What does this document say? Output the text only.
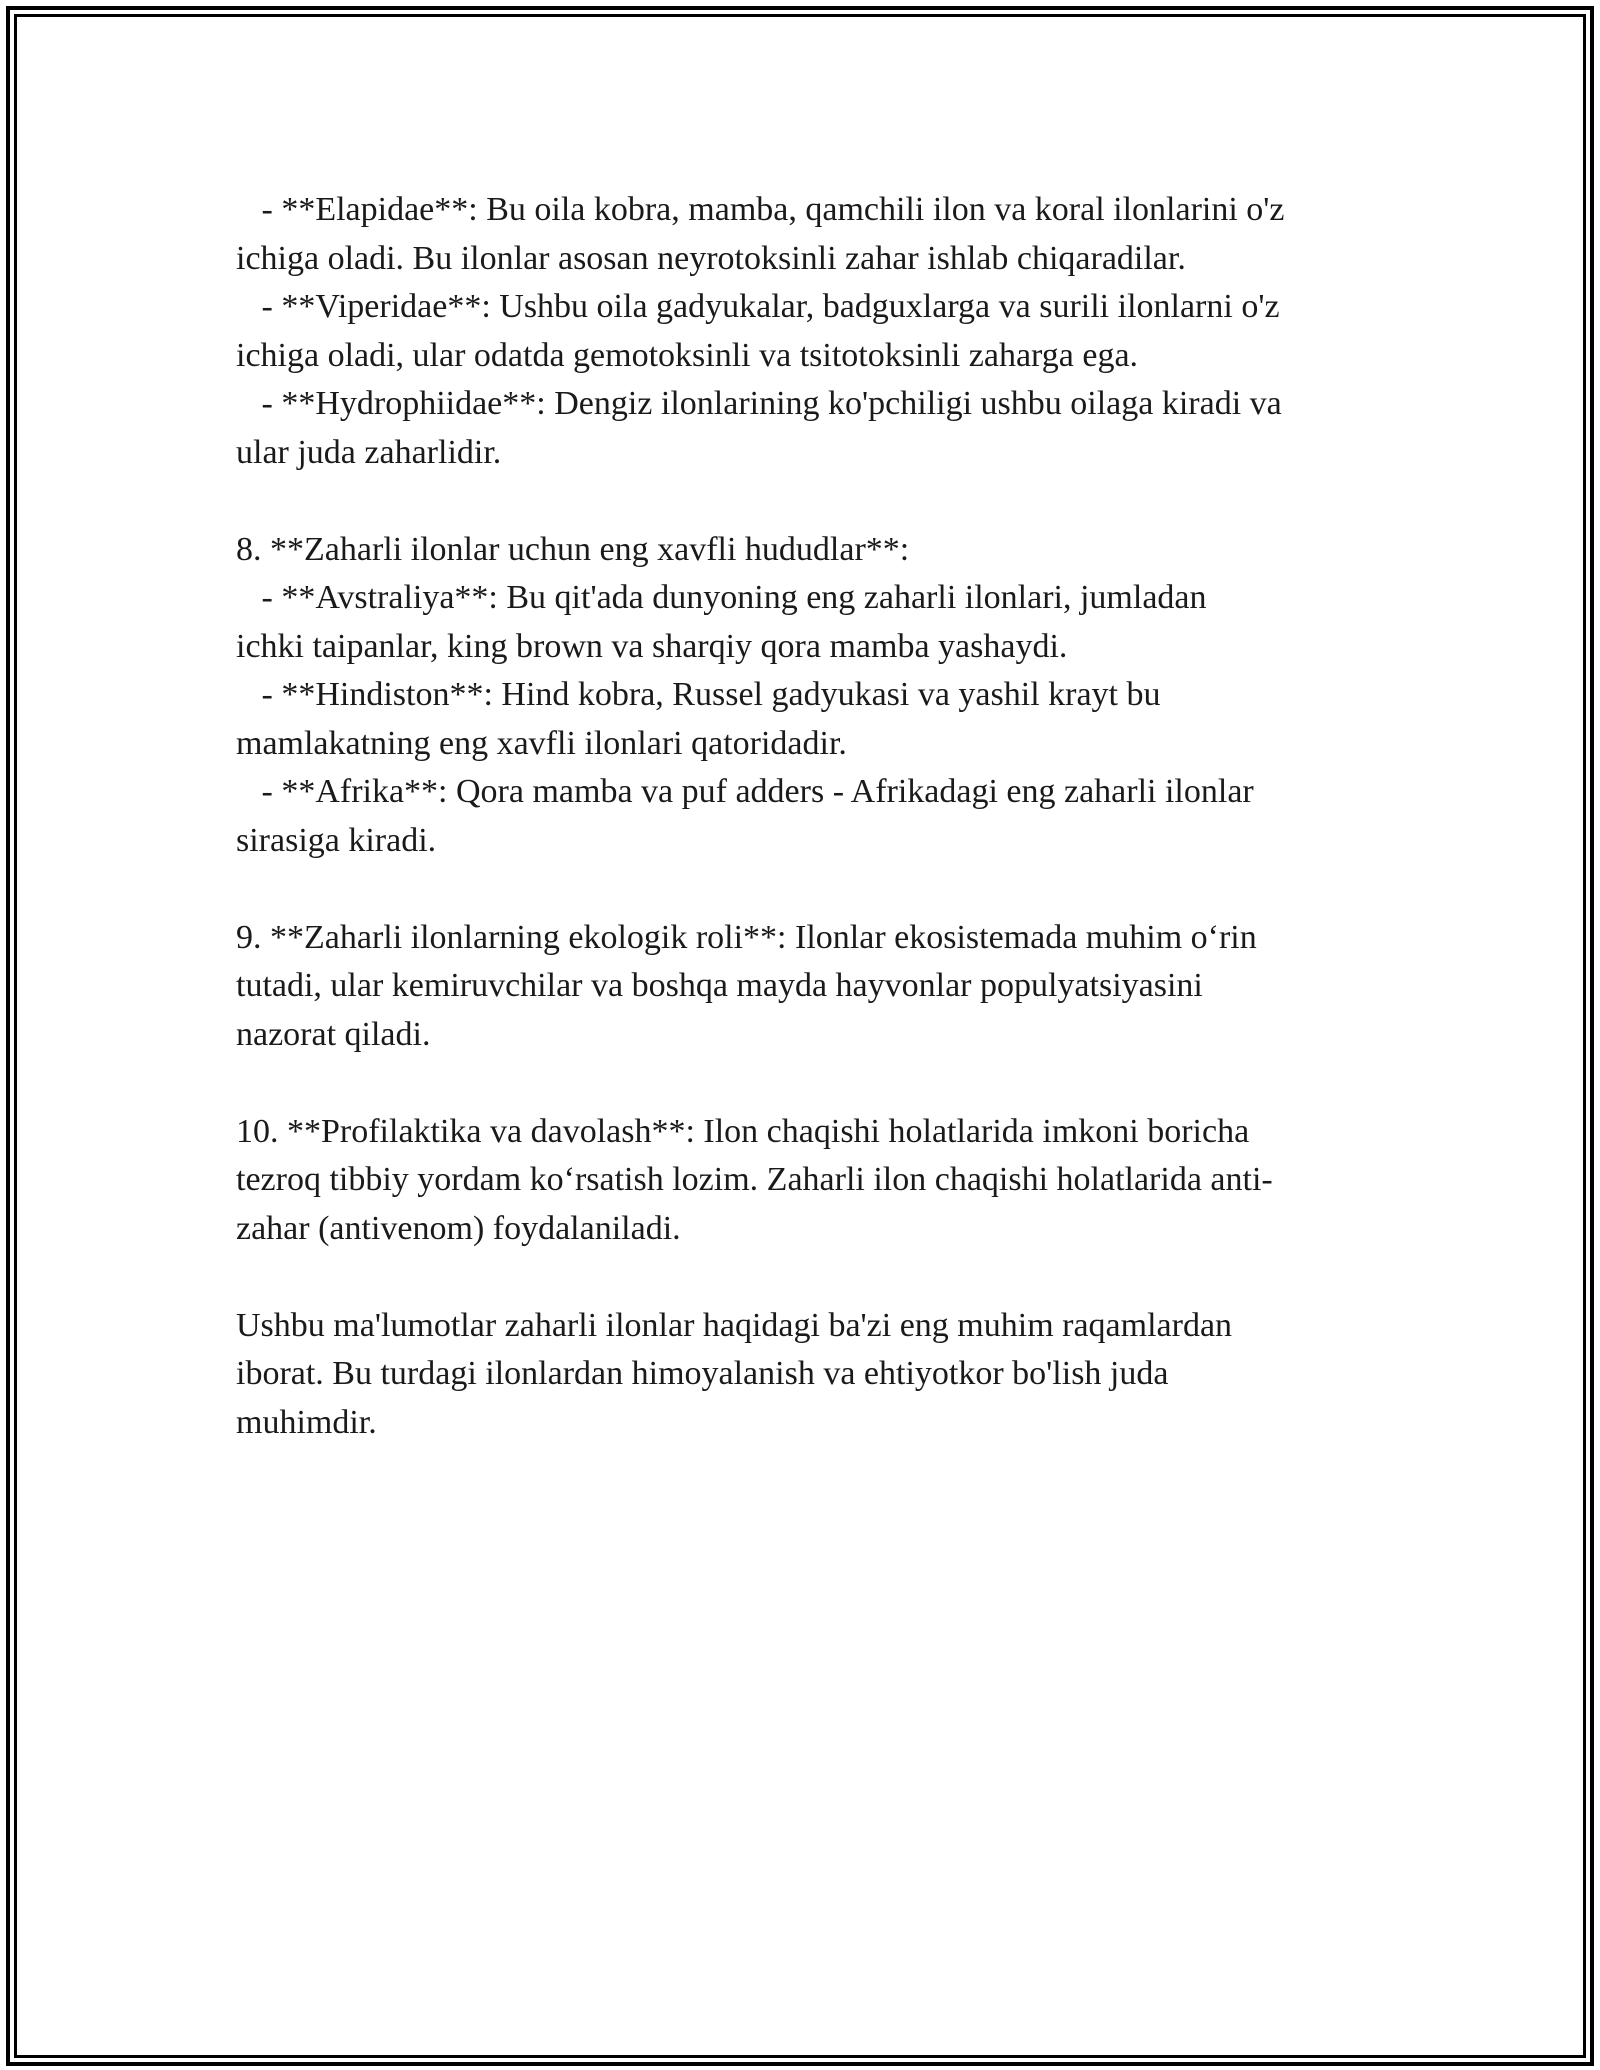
- **Elapidae**: Bu oila kobra, mamba, qamchili ilon va koral ilonlarini o'z
ichiga oladi. Bu ilonlar asosan neyrotoksinli zahar ishlab chiqaradilar.
- **Viperidae**: Ushbu oila gadyukalar, badguxlarga va surili ilonlarni o'z
ichiga oladi, ular odatda gemotoksinli va tsitotoksinli zaharga ega.
- **Hydrophiidae**: Dengiz ilonlarining ko'pchiligi ushbu oilaga kiradi va
ular juda zaharlidir.
8. **Zaharli ilonlar uchun eng xavfli hududlar**:
- **Avstraliya**: Bu qit'ada dunyoning eng zaharli ilonlari, jumladan
ichki taipanlar, king brown va sharqiy qora mamba yashaydi.
- **Hindiston**: Hind kobra, Russel gadyukasi va yashil krayt bu
mamlakatning eng xavfli ilonlari qatoridadir.
- **Afrika**: Qora mamba va puf adders - Afrikadagi eng zaharli ilonlar
sirasiga kiradi.
9. **Zaharli ilonlarning ekologik roli**: Ilonlar ekosistemada muhim o‘rin
tutadi, ular kemiruvchilar va boshqa mayda hayvonlar populyatsiyasini
nazorat qiladi.
10. **Profilaktika va davolash**: Ilon chaqishi holatlarida imkoni boricha
tezroq tibbiy yordam ko‘rsatish lozim. Zaharli ilon chaqishi holatlarida anti-
zahar (antivenom) foydalaniladi.
Ushbu ma'lumotlar zaharli ilonlar haqidagi ba'zi eng muhim raqamlardan
iborat. Bu turdagi ilonlardan himoyalanish va ehtiyotkor bo'lish juda
muhimdir.
